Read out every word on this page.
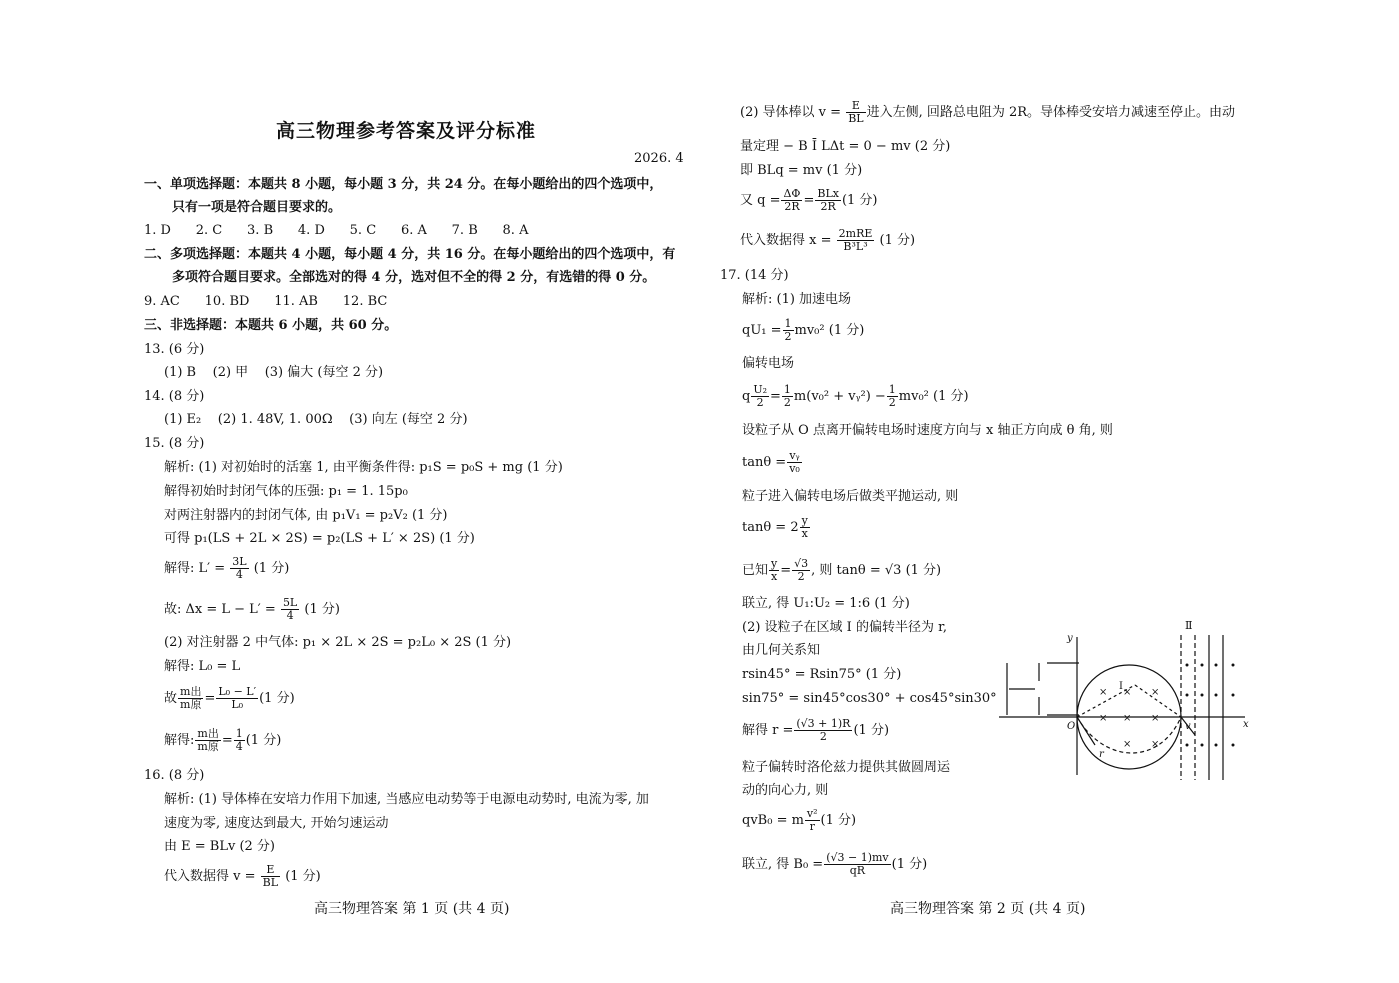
高三物理参考答案及评分标准
2026. 4
一、单项选择题：本题共 8 小题，每小题 3 分，共 24 分。在每小题给出的四个选项中，
只有一项是符合题目要求的。
1. D      2. C      3. B      4. D      5. C      6. A      7. B      8. A
二、多项选择题：本题共 4 小题，每小题 4 分，共 16 分。在每小题给出的四个选项中，有
多项符合题目要求。全部选对的得 4 分，选对但不全的得 2 分，有选错的得 0 分。
9. AC      10. BD      11. AB      12. BC
三、非选择题：本题共 6 小题，共 60 分。
13. (6 分)
(1) B    (2) 甲    (3) 偏大 (每空 2 分)
14. (8 分)
(1) E₂    (2) 1. 48V, 1. 00Ω    (3) 向左 (每空 2 分)
15. (8 分)
解析: (1) 对初始时的活塞 1, 由平衡条件得: p₁S = p₀S + mg (1 分)
解得初始时封闭气体的压强: p₁ = 1. 15p₀
对两注射器内的封闭气体, 由 p₁V₁ = p₂V₂ (1 分)
可得 p₁(LS + 2L × 2S) = p₂(LS + L′ × 2S) (1 分)
解得: $L' = \frac{3L}{4} (1$ 分)
故: $\Delta x = L - L' = \frac{5L}{4} (1$ 分)
(2) 对注射器 2 中气体: p₁ × 2L × 2S = p₂L₀ × 2S (1 分)
解得: L₀ = L
故 $\frac{\text{m出}}{\text{m原}} = \frac{\text{L₀ − L′}}{\text{L₀}} (1$ 分)
解得: $\frac{\text{m出}}{\text{m原}} = \frac{1}{4} (1$ 分)
16. (8 分)
解析: (1) 导体棒在安培力作用下加速, 当感应电动势等于电源电动势时, 电流为零, 加
速度为零, 速度达到最大, 开始匀速运动
由 E = BLv (2 分)
代入数据得 $v = \frac{E}{BL} (1$ 分)
高三物理答案 第 1 页 (共 4 页)
(2) 导体棒以 $v = \frac{E}{BL}$ 进入左侧, 回路总电阻为 2R。导体棒受安培力减速至停止。由动
量定理 − B Ī LΔt = 0 − mv (2 分)
即 BLq = mv (1 分)
又 $q = \frac{\Delta\Phi}{2R} = \frac{\text{BLx}}{2R} (1$ 分)
代入数据得 $x = \frac{\text{2mRE}}{\text{B³L³}} (1$ 分)
17. (14 分)
解析: (1) 加速电场
$qU_1 = \frac{1}{2} mv_0^2$ (1 分)
偏转电场
q $\frac{\text{U₂}}{2} = \frac{1}{2} m(v_0^2$ + vᵧ²) − $\frac{1}{2} mv_0^2$ (1 分)
设粒子从 O 点离开偏转电场时速度方向与 x 轴正方向成 θ 角, 则
$\tan\theta = \frac{\text{vᵧ}}{\text{v₀}}$
粒子进入偏转电场后做类平抛运动, 则
$\tan\theta = 2 \frac{y}{x}$
已知 $\frac{y}{x} = \frac{√3}{2}$ , 则 tanθ = √3 (1 分)
联立, 得 U₁:U₂ = 1:6 (1 分)
(2) 设粒子在区域 Ⅰ 的偏转半径为 r,
由几何关系知
rsin45° = Rsin75° (1 分)
sin75° = sin45°cos30° + cos45°sin30°
解得 $r = \frac{(√3 + 1)R}{2} (1$ 分)
粒子偏转时洛伦兹力提供其做圆周运
动的向心力, 则
qvB₀ = m $\frac{\text{v²}}{r} (1$ 分)
联立, 得 $B_0 = \frac{(√3 - 1)mv}{qR} (1$ 分)
高三物理答案 第 2 页 (共 4 页)
× × ×
× × ×
× ×
Ⅱ
Ⅰ
y
x
O	v
r
